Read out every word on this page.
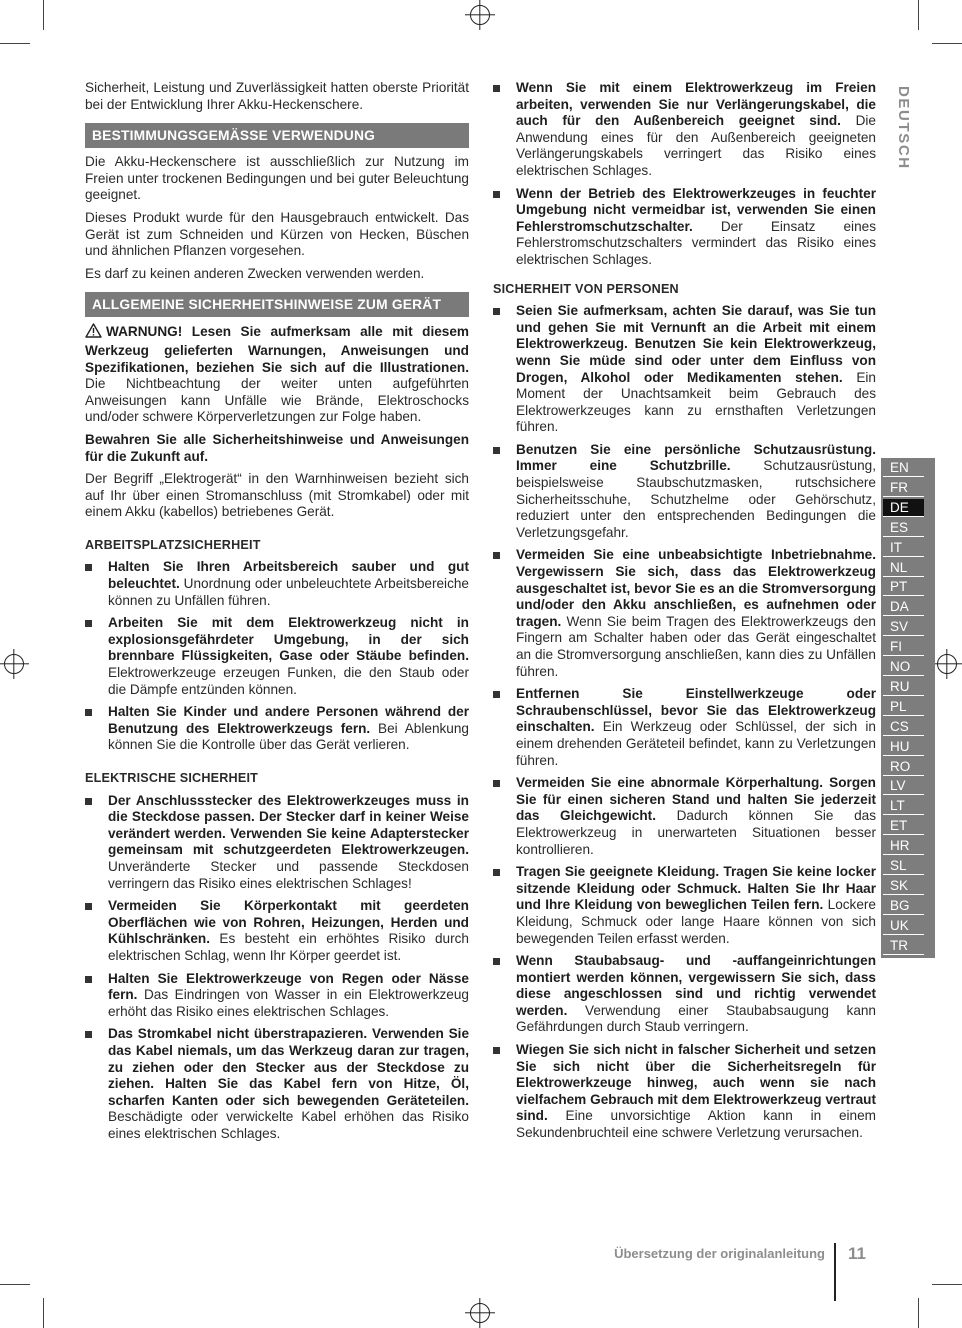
Sicherheit, Leistung und Zuverlässigkeit hatten oberste Priorität bei der Entwicklung Ihrer Akku-Heckenschere.

BESTIMMUNGSGEMÄSSE VERWENDUNG

Die Akku-Heckenschere ist ausschließlich zur Nutzung im Freien unter trockenen Bedingungen und bei guter Beleuchtung geeignet.

Dieses Produkt wurde für den Hausgebrauch entwickelt. Das Gerät ist zum Schneiden und Kürzen von Hecken, Büschen und ähnlichen Pflanzen vorgesehen.

Es darf zu keinen anderen Zwecken verwenden werden.

ALLGEMEINE SICHERHEITSHINWEISE ZUM GERÄT

WARNUNG! Lesen Sie aufmerksam alle mit diesem Werkzeug gelieferten Warnungen, Anweisungen und Spezifikationen, beziehen Sie sich auf die Illustrationen. Die Nichtbeachtung der weiter unten aufgeführten Anweisungen kann Unfälle wie Brände, Elektroschocks und/oder schwere Körperverletzungen zur Folge haben.

Bewahren Sie alle Sicherheitshinweise und Anweisungen für die Zukunft auf.

Der Begriff „Elektrogerät“ in den Warnhinweisen bezieht sich auf Ihr über einen Stromanschluss (mit Stromkabel) oder mit einem Akku (kabellos) betriebenes Gerät.

ARBEITSPLATZSICHERHEIT
Halten Sie Ihren Arbeitsbereich sauber und gut beleuchtet. Unordnung oder unbeleuchtete Arbeitsbereiche können zu Unfällen führen.
Arbeiten Sie mit dem Elektrowerkzeug nicht in explosionsgefährdeter Umgebung, in der sich brennbare Flüssigkeiten, Gase oder Stäube befinden. Elektrowerkzeuge erzeugen Funken, die den Staub oder die Dämpfe entzünden können.
Halten Sie Kinder und andere Personen während der Benutzung des Elektrowerkzeugs fern. Bei Ablenkung können Sie die Kontrolle über das Gerät verlieren.
ELEKTRISCHE SICHERHEIT
Der Anschlussstecker des Elektrowerkzeuges muss in die Steckdose passen. Der Stecker darf in keiner Weise verändert werden. Verwenden Sie keine Adapterstecker gemeinsam mit schutzgeerdeten Elektrowerkzeugen. Unveränderte Stecker und passende Steckdosen verringern das Risiko eines elektrischen Schlages!
Vermeiden Sie Körperkontakt mit geerdeten Oberflächen wie von Rohren, Heizungen, Herden und Kühlschränken. Es besteht ein erhöhtes Risiko durch elektrischen Schlag, wenn Ihr Körper geerdet ist.
Halten Sie Elektrowerkzeuge von Regen oder Nässe fern. Das Eindringen von Wasser in ein Elektrowerkzeug erhöht das Risiko eines elektrischen Schlages.
Das Stromkabel nicht überstrapazieren. Verwenden Sie das Kabel niemals, um das Werkzeug daran zur tragen, zu ziehen oder den Stecker aus der Steckdose zu ziehen. Halten Sie das Kabel fern von Hitze, Öl, scharfen Kanten oder sich bewegenden Geräteteilen. Beschädigte oder verwickelte Kabel erhöhen das Risiko eines elektrischen Schlages.
Wenn Sie mit einem Elektrowerkzeug im Freien arbeiten, verwenden Sie nur Verlängerungskabel, die auch für den Außenbereich geeignet sind. Die Anwendung eines für den Außenbereich geeigneten Verlängerungskabels verringert das Risiko eines elektrischen Schlages.
Wenn der Betrieb des Elektrowerkzeuges in feuchter Umgebung nicht vermeidbar ist, verwenden Sie einen Fehlerstromschutzschalter. Der Einsatz eines Fehlerstromschutzschalters vermindert das Risiko eines elektrischen Schlages.
SICHERHEIT VON PERSONEN
Seien Sie aufmerksam, achten Sie darauf, was Sie tun und gehen Sie mit Vernunft an die Arbeit mit einem Elektrowerkzeug. Benutzen Sie kein Elektrowerkzeug, wenn Sie müde sind oder unter dem Einfluss von Drogen, Alkohol oder Medikamenten stehen. Ein Moment der Unachtsamkeit beim Gebrauch des Elektrowerkzeuges kann zu ernsthaften Verletzungen führen.
Benutzen Sie eine persönliche Schutzausrüstung. Immer eine Schutzbrille. Schutzausrüstung, beispielsweise Staubschutzmasken, rutschsichere Sicherheitsschuhe, Schutzhelme oder Gehörschutz, reduziert unter den entsprechenden Bedingungen die Verletzungsgefahr.
Vermeiden Sie eine unbeabsichtigte Inbetriebnahme. Vergewissern Sie sich, dass das Elektrowerkzeug ausgeschaltet ist, bevor Sie es an die Stromversorgung und/oder den Akku anschließen, es aufnehmen oder tragen. Wenn Sie beim Tragen des Elektrowerkzeugs den Fingern am Schalter haben oder das Gerät eingeschaltet an die Stromversorgung anschließen, kann dies zu Unfällen führen.
Entfernen Sie Einstellwerkzeuge oder Schraubenschlüssel, bevor Sie das Elektrowerkzeug einschalten. Ein Werkzeug oder Schlüssel, der sich in einem drehenden Geräteteil befindet, kann zu Verletzungen führen.
Vermeiden Sie eine abnormale Körperhaltung. Sorgen Sie für einen sicheren Stand und halten Sie jederzeit das Gleichgewicht. Dadurch können Sie das Elektrowerkzeug in unerwarteten Situationen besser kontrollieren.
Tragen Sie geeignete Kleidung. Tragen Sie keine locker sitzende Kleidung oder Schmuck. Halten Sie Ihr Haar und Ihre Kleidung von beweglichen Teilen fern. Lockere Kleidung, Schmuck oder lange Haare können von sich bewegenden Teilen erfasst werden.
Wenn Staubabsaug- und -auffangeinrichtungen montiert werden können, vergewissern Sie sich, dass diese angeschlossen sind und richtig verwendet werden. Verwendung einer Staubabsaugung kann Gefährdungen durch Staub verringern.
Wiegen Sie sich nicht in falscher Sicherheit und setzen Sie sich nicht über die Sicherheitsregeln für Elektrowerkzeuge hinweg, auch wenn sie nach vielfachem Gebrauch mit dem Elektrowerkzeug vertraut sind. Eine unvorsichtige Aktion kann in einem Sekundenbruchteil eine schwere Verletzung verursachen.
DEUTSCH
EN
FR
DE
ES
IT
NL
PT
DA
SV
FI
NO
RU
PL
CS
HU
RO
LV
LT
ET
HR
SL
SK
BG
UK
TR
Übersetzung der originalanleitung 11
